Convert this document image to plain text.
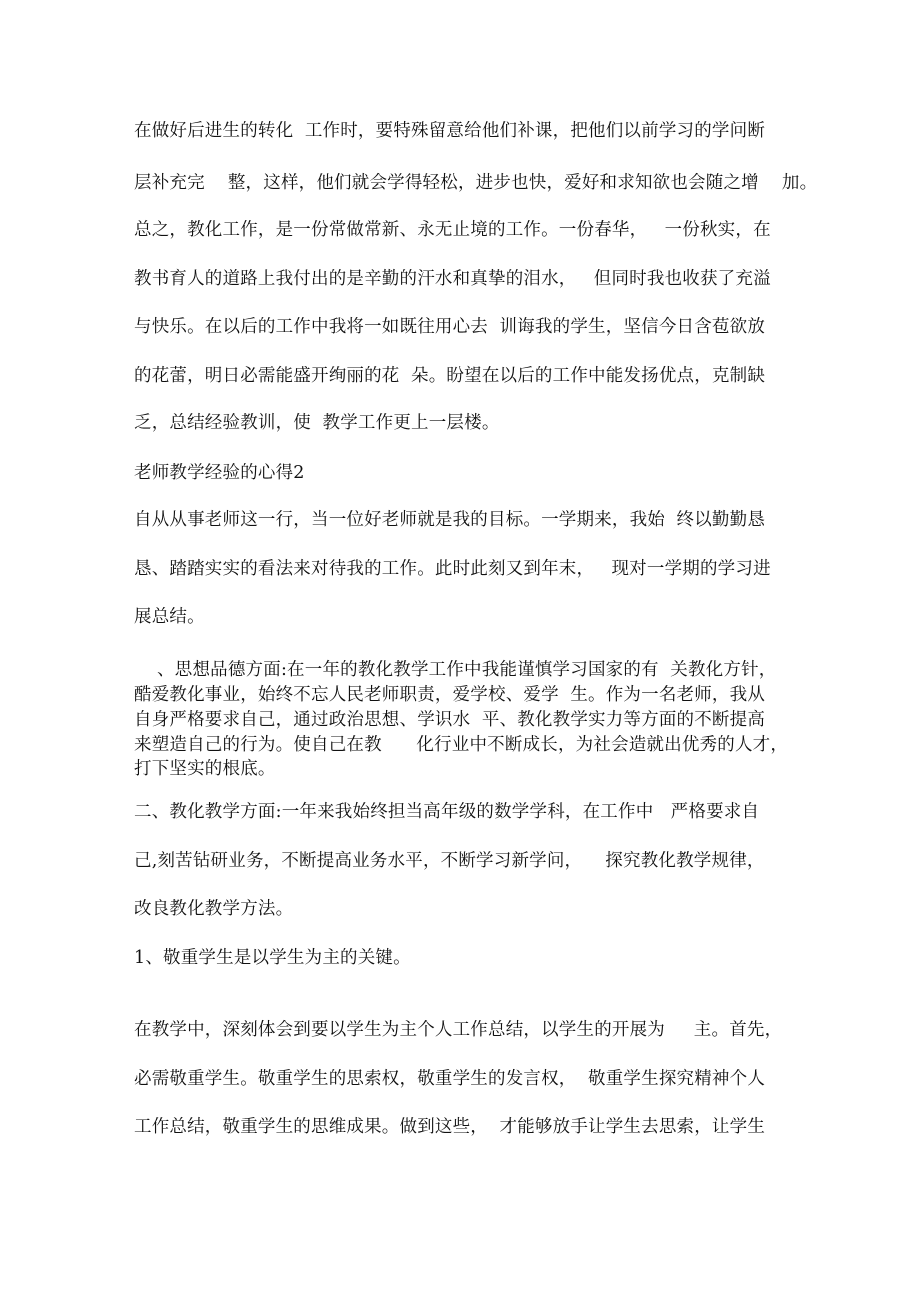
在做好后进生的转化  工作时，要特殊留意给他们补课，把他们以前学习的学问断
层补充完    整，这样，他们就会学得轻松，进步也快，爱好和求知欲也会随之增    加。
总之，教化工作，是一份常做常新、永无止境的工作。一份春华，   一份秋实，在
教书育人的道路上我付出的是辛勤的汗水和真挚的泪水，   但同时我也收获了充溢
与快乐。在以后的工作中我将一如既往用心去  训诲我的学生，坚信今日含苞欲放
的花蕾，明日必需能盛开绚丽的花  朵。盼望在以后的工作中能发扬优点，克制缺
乏，总结经验教训，使  教学工作更上一层楼。
老师教学经验的心得2
自从从事老师这一行，当一位好老师就是我的目标。一学期来，我始  终以勤勤恳
恳、踏踏实实的看法来对待我的工作。此时此刻又到年末，   现对一学期的学习进
展总结。
、思想品德方面:在一年的教化教学工作中我能谨慎学习国家的有  关教化方针，
酷爱教化事业，始终不忘人民老师职责，爱学校、爱学  生。作为一名老师，我从
自身严格要求自己，通过政治思想、学识水  平、教化教学实力等方面的不断提高
来塑造自己的行为。使自己在教      化行业中不断成长，为社会造就出优秀的人才，
打下坚实的根底。
二、教化教学方面:一年来我始终担当高年级的数学学科，在工作中   严格要求自
己,刻苦钻研业务，不断提高业务水平，不断学习新学问，    探究教化教学规律，
改良教化教学方法。
1、敬重学生是以学生为主的关键。
在教学中，深刻体会到要以学生为主个人工作总结，以学生的开展为     主。首先，
必需敬重学生。敬重学生的思索权，敬重学生的发言权，  敬重学生探究精神个人
工作总结，敬重学生的思维成果。做到这些，  才能够放手让学生去思索，让学生
